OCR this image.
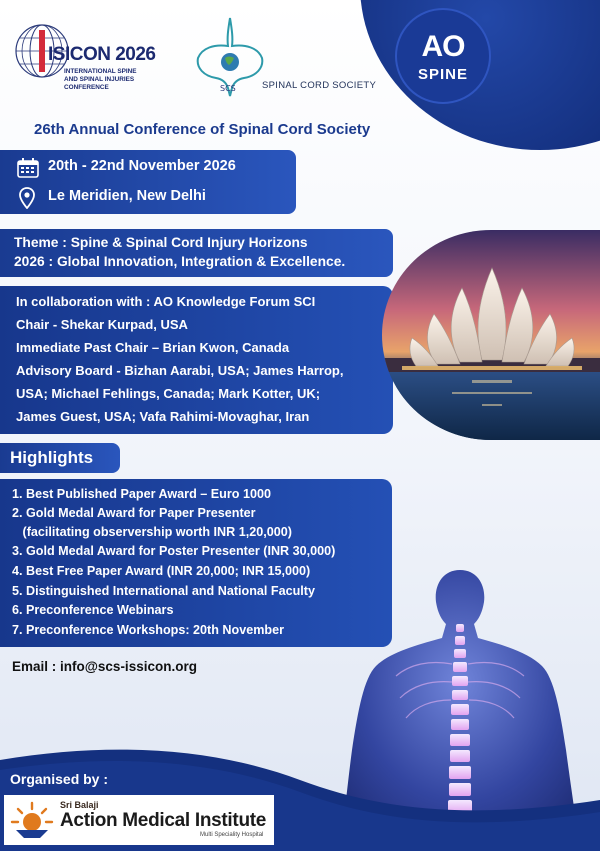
ISICON 2026
INTERNATIONAL SPINE
AND SPINAL INJURIES
CONFERENCE	SCS	SPINAL CORD SOCIETY
AO
SPINE
26th Annual Conference of Spinal Cord Society
20th - 22nd November 2026
Le Meridien, New Delhi
Theme : Spine & Spinal Cord Injury Horizons
2026 : Global Innovation, Integration & Excellence.
In collaboration with : AO Knowledge Forum SCI
Chair - Shekar Kurpad, USA
Immediate Past Chair – Brian Kwon, Canada
Advisory Board - Bizhan Aarabi, USA; James Harrop,
USA; Michael Fehlings, Canada; Mark Kotter, UK;
James Guest, USA; Vafa Rahimi-Movaghar, Iran
Highlights
1. Best Published Paper Award – Euro 1000
2. Gold Medal Award for Paper Presenter
(facilitating observership worth INR 1,20,000)
3. Gold Medal Award for Poster Presenter (INR 30,000)
4. Best Free Paper Award (INR 20,000; INR 15,000)
5. Distinguished International and National Faculty
6. Preconference Webinars
7. Preconference Workshops: 20th November
Email : info@scs-issicon.org
Organised by :
Sri Balaji
Action Medical Institute
Multi Speciality Hospital
